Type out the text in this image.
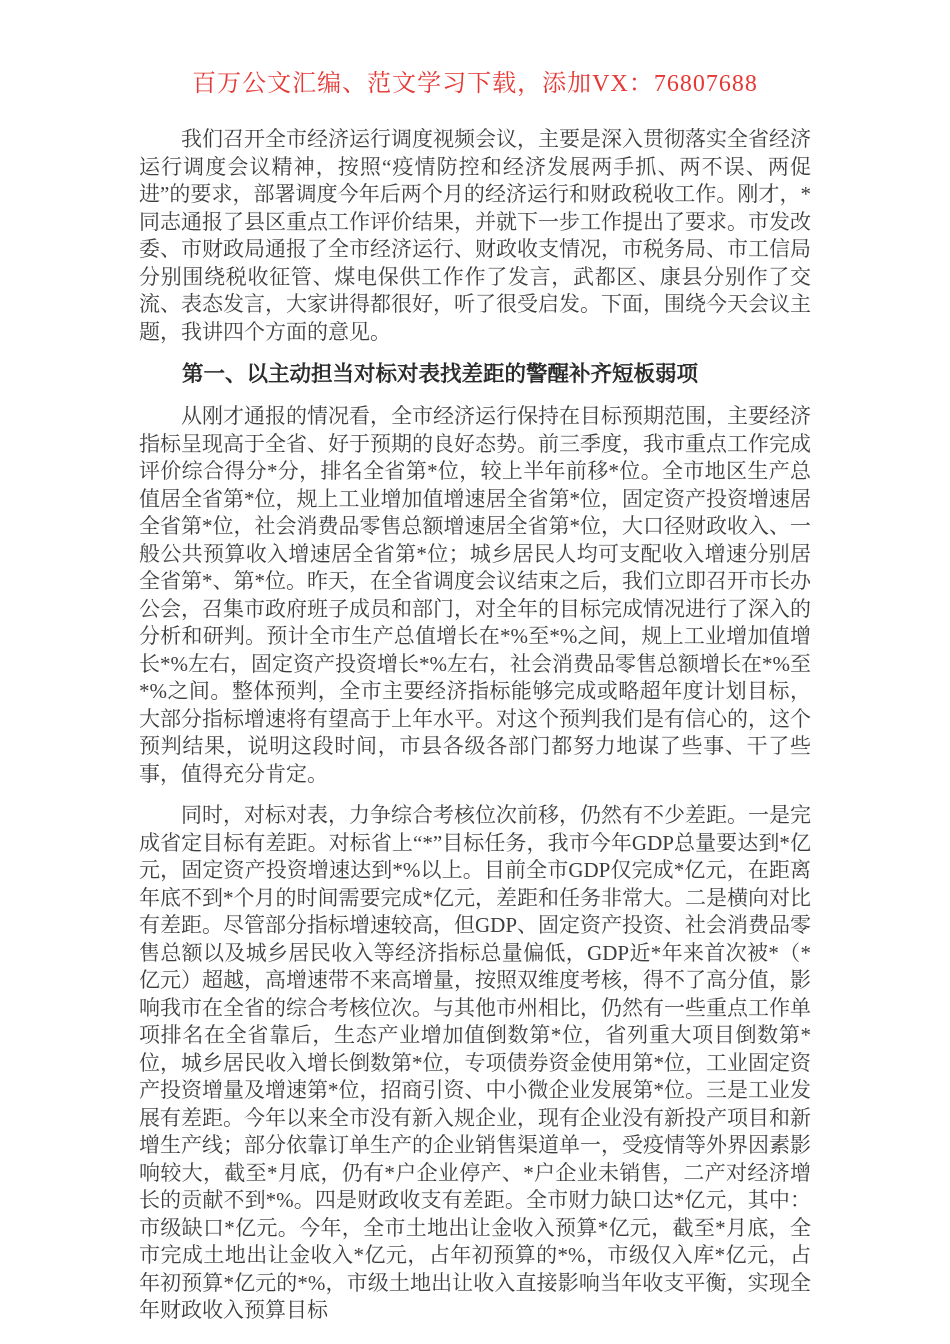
百万公文汇编、范文学习下载，添加VX：76807688

我们召开全市经济运行调度视频会议，主要是深入贯彻落实全省经济运行调度会议精神，按照“疫情防控和经济发展两手抓、两不误、两促进”的要求，部署调度今年后两个月的经济运行和财政税收工作。刚才，*同志通报了县区重点工作评价结果，并就下一步工作提出了要求。市发改委、市财政局通报了全市经济运行、财政收支情况，市税务局、市工信局分别围绕税收征管、煤电保供工作作了发言，武都区、康县分别作了交流、表态发言，大家讲得都很好，听了很受启发。下面，围绕今天会议主题，我讲四个方面的意见。

第一、以主动担当对标对表找差距的警醒补齐短板弱项

从刚才通报的情况看，全市经济运行保持在目标预期范围，主要经济指标呈现高于全省、好于预期的良好态势。前三季度，我市重点工作完成评价综合得分*分，排名全省第*位，较上半年前移*位。全市地区生产总值居全省第*位，规上工业增加值增速居全省第*位，固定资产投资增速居全省第*位，社会消费品零售总额增速居全省第*位，大口径财政收入、一般公共预算收入增速居全省第*位；城乡居民人均可支配收入增速分别居全省第*、第*位。昨天，在全省调度会议结束之后，我们立即召开市长办公会，召集市政府班子成员和部门，对全年的目标完成情况进行了深入的分析和研判。预计全市生产总值增长在*%至*%之间，规上工业增加值增长*%左右，固定资产投资增长*%左右，社会消费品零售总额增长在*%至*%之间。整体预判，全市主要经济指标能够完成或略超年度计划目标，大部分指标增速将有望高于上年水平。对这个预判我们是有信心的，这个预判结果，说明这段时间，市县各级各部门都努力地谋了些事、干了些事，值得充分肯定。

同时，对标对表，力争综合考核位次前移，仍然有不少差距。一是完成省定目标有差距。对标省上“*”目标任务，我市今年GDP总量要达到*亿元，固定资产投资增速达到*%以上。目前全市GDP仅完成*亿元，在距离年底不到*个月的时间需要完成*亿元，差距和任务非常大。二是横向对比有差距。尽管部分指标增速较高，但GDP、固定资产投资、社会消费品零售总额以及城乡居民收入等经济指标总量偏低，GDP近*年来首次被*（*亿元）超越，高增速带不来高增量，按照双维度考核，得不了高分值，影响我市在全省的综合考核位次。与其他市州相比，仍然有一些重点工作单项排名在全省靠后，生态产业增加值倒数第*位，省列重大项目倒数第*位，城乡居民收入增长倒数第*位，专项债券资金使用第*位，工业固定资产投资增量及增速第*位，招商引资、中小微企业发展第*位。三是工业发展有差距。今年以来全市没有新入规企业，现有企业没有新投产项目和新增生产线；部分依靠订单生产的企业销售渠道单一，受疫情等外界因素影响较大，截至*月底，仍有*户企业停产、*户企业未销售，二产对经济增长的贡献不到*%。四是财政收支有差距。全市财力缺口达*亿元，其中：市级缺口*亿元。今年，全市土地出让金收入预算*亿元，截至*月底，全市完成土地出让金收入*亿元，占年初预算的*%，市级仅入库*亿元，占年初预算*亿元的*%，市级土地出让收入直接影响当年收支平衡，实现全年财政收入预算目标
